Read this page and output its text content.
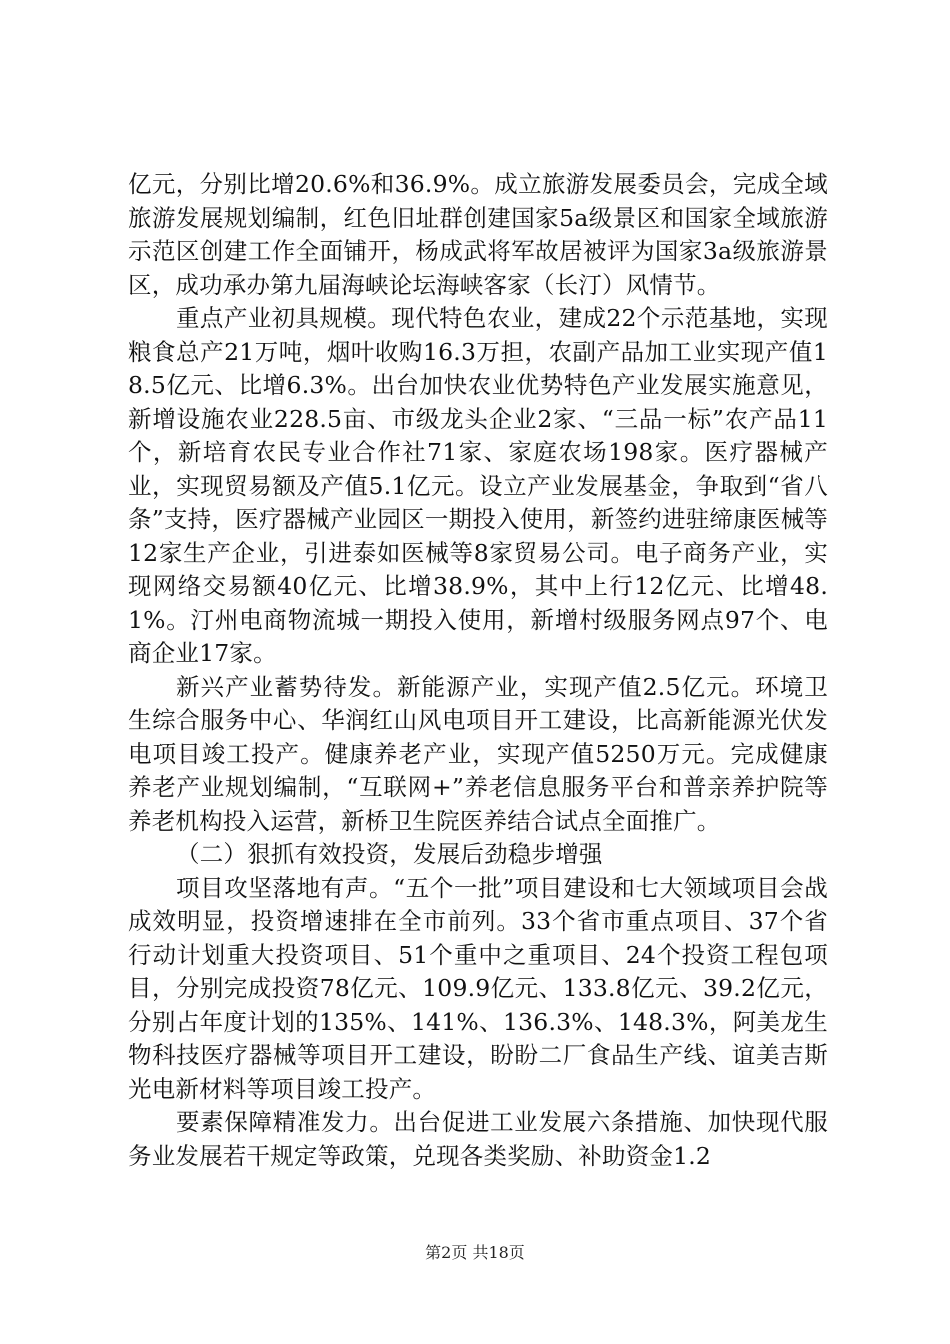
亿元，分别比增20.6%和36.9%。成立旅游发展委员会，完成全域旅游发展规划编制，红色旧址群创建国家5a级景区和国家全域旅游示范区创建工作全面铺开，杨成武将军故居被评为国家3a级旅游景区，成功承办第九届海峡论坛海峡客家（长汀）风情节。

重点产业初具规模。现代特色农业，建成22个示范基地，实现粮食总产21万吨，烟叶收购16.3万担，农副产品加工业实现产值18.5亿元、比增6.3%。出台加快农业优势特色产业发展实施意见，新增设施农业228.5亩、市级龙头企业2家、“三品一标”农产品11个，新培育农民专业合作社71家、家庭农场198家。医疗器械产业，实现贸易额及产值5.1亿元。设立产业发展基金，争取到“省八条”支持，医疗器械产业园区一期投入使用，新签约进驻缔康医械等12家生产企业，引进泰如医械等8家贸易公司。电子商务产业，实现网络交易额40亿元、比增38.9%，其中上行12亿元、比增48.1%。汀州电商物流城一期投入使用，新增村级服务网点97个、电商企业17家。

新兴产业蓄势待发。新能源产业，实现产值2.5亿元。环境卫生综合服务中心、华润红山风电项目开工建设，比高新能源光伏发电项目竣工投产。健康养老产业，实现产值5250万元。完成健康养老产业规划编制，“互联网+”养老信息服务平台和普亲养护院等养老机构投入运营，新桥卫生院医养结合试点全面推广。

（二）狠抓有效投资，发展后劲稳步增强

项目攻坚落地有声。“五个一批”项目建设和七大领域项目会战成效明显，投资增速排在全市前列。33个省市重点项目、37个省行动计划重大投资项目、51个重中之重项目、24个投资工程包项目，分别完成投资78亿元、109.9亿元、133.8亿元、39.2亿元，分别占年度计划的135%、141%、136.3%、148.3%，阿美龙生物科技医疗器械等项目开工建设，盼盼二厂食品生产线、谊美吉斯光电新材料等项目竣工投产。

要素保障精准发力。出台促进工业发展六条措施、加快现代服务业发展若干规定等政策，兑现各类奖励、补助资金1.2

第2页 共18页
